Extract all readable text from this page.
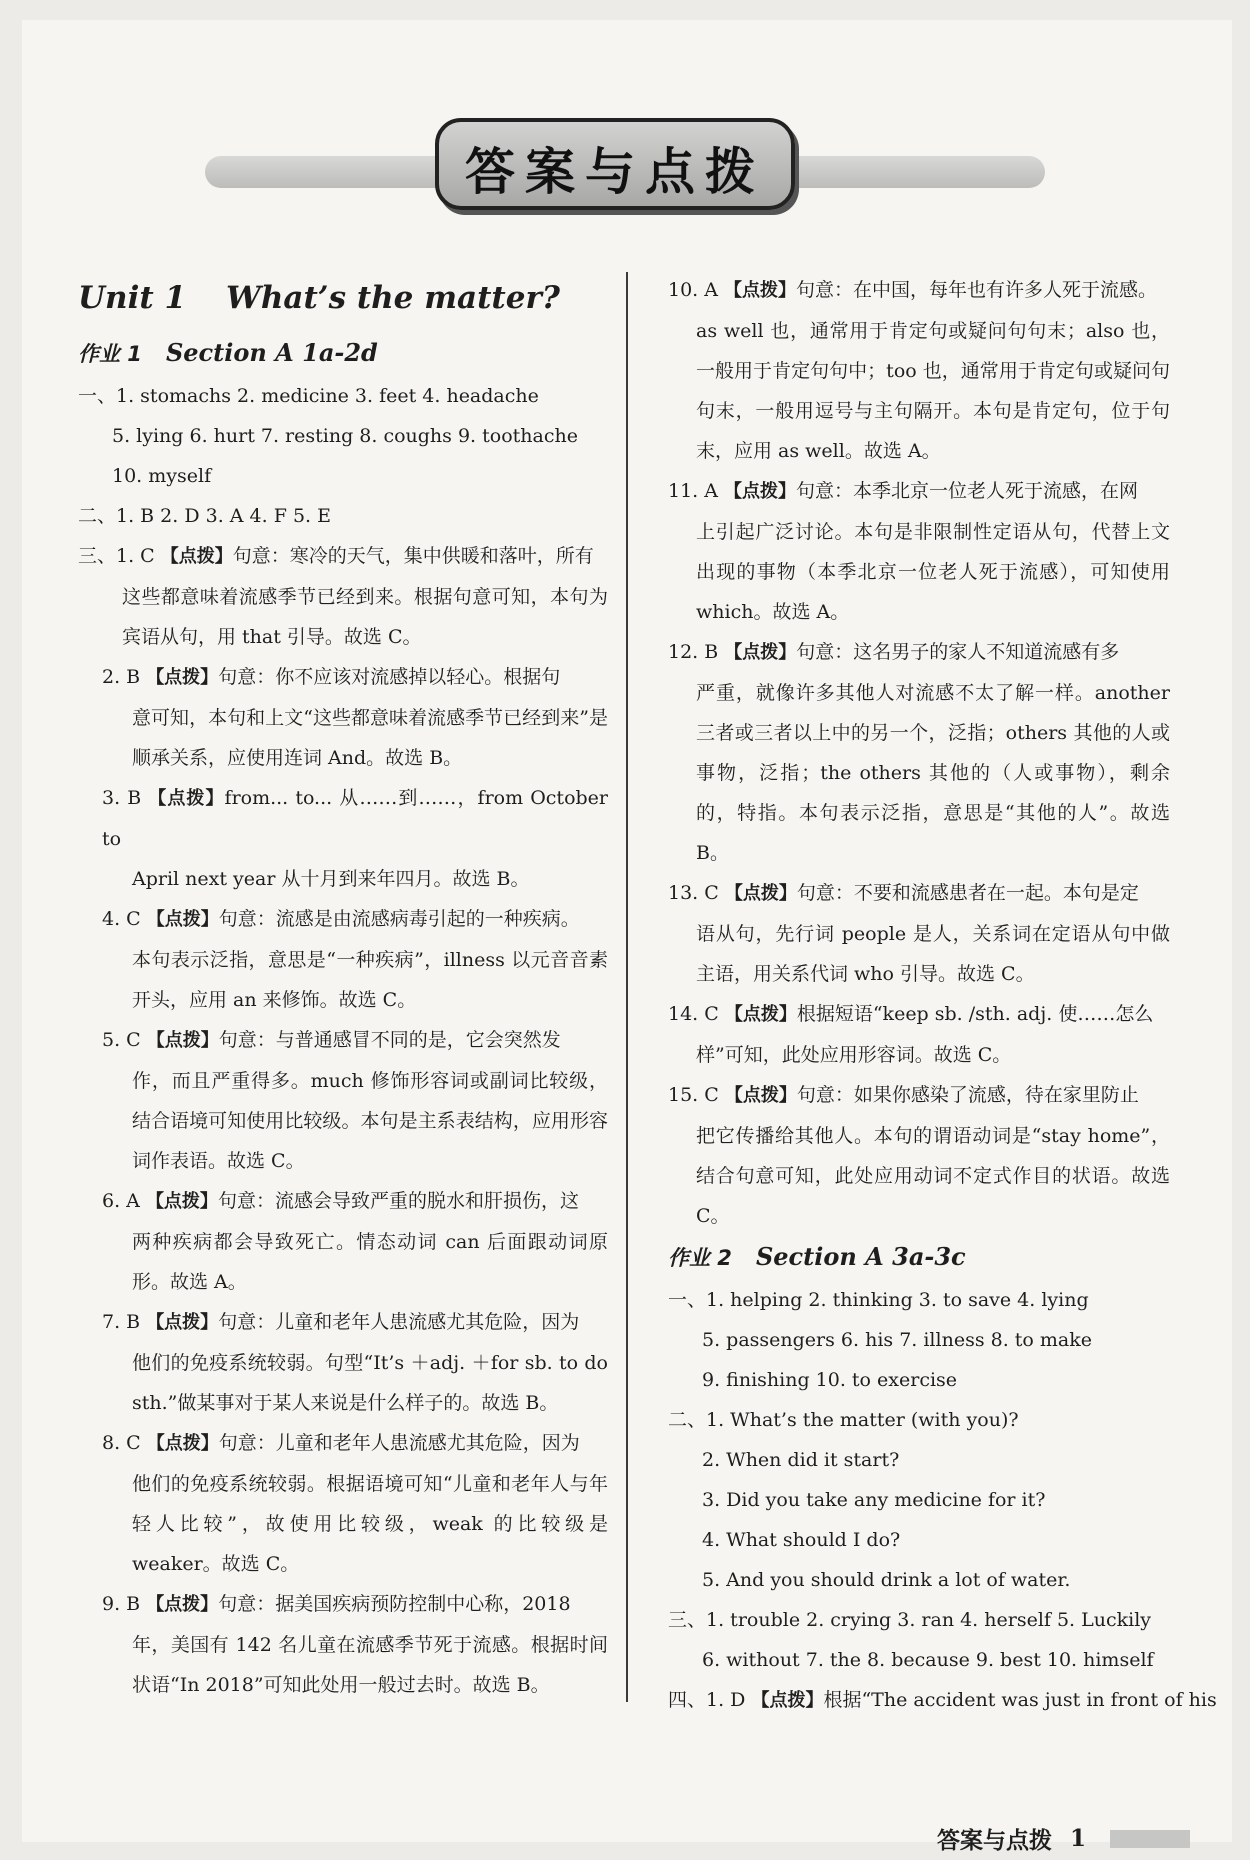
答案与点拨
Unit 1 What’s the matter?
作业 1 Section A 1a-2d
一、1. stomachs 2. medicine 3. feet 4. headache
5. lying 6. hurt 7. resting 8. coughs 9. toothache
10. myself
二、1. B 2. D 3. A 4. F 5. E
三、1. C 【点拨】句意：寒冷的天气，集中供暖和落叶，所有
这些都意味着流感季节已经到来。根据句意可知，本句为宾语从句，用 that 引导。故选 C。
2. B 【点拨】句意：你不应该对流感掉以轻心。根据句
意可知，本句和上文“这些都意味着流感季节已经到来”是顺承关系，应使用连词 And。故选 B。
3. B 【点拨】from... to... 从……到……，from October to
April next year 从十月到来年四月。故选 B。
4. C 【点拨】句意：流感是由流感病毒引起的一种疾病。
本句表示泛指，意思是“一种疾病”，illness 以元音音素开头，应用 an 来修饰。故选 C。
5. C 【点拨】句意：与普通感冒不同的是，它会突然发
作，而且严重得多。much 修饰形容词或副词比较级，结合语境可知使用比较级。本句是主系表结构，应用形容词作表语。故选 C。
6. A 【点拨】句意：流感会导致严重的脱水和肝损伤，这
两种疾病都会导致死亡。情态动词 can 后面跟动词原形。故选 A。
7. B 【点拨】句意：儿童和老年人患流感尤其危险，因为
他们的免疫系统较弱。句型“It’s ＋adj. ＋for sb. to do sth.”做某事对于某人来说是什么样子的。故选 B。
8. C 【点拨】句意：儿童和老年人患流感尤其危险，因为
他们的免疫系统较弱。根据语境可知“儿童和老年人与年轻人比较”，故使用比较级，weak 的比较级是 weaker。故选 C。
9. B 【点拨】句意：据美国疾病预防控制中心称，2018
年，美国有 142 名儿童在流感季节死于流感。根据时间状语“In 2018”可知此处用一般过去时。故选 B。
10. A 【点拨】句意：在中国，每年也有许多人死于流感。
as well 也，通常用于肯定句或疑问句句末；also 也，一般用于肯定句句中；too 也，通常用于肯定句或疑问句句末，一般用逗号与主句隔开。本句是肯定句，位于句末，应用 as well。故选 A。
11. A 【点拨】句意：本季北京一位老人死于流感，在网
上引起广泛讨论。本句是非限制性定语从句，代替上文出现的事物（本季北京一位老人死于流感），可知使用 which。故选 A。
12. B 【点拨】句意：这名男子的家人不知道流感有多
严重，就像许多其他人对流感不太了解一样。another 三者或三者以上中的另一个，泛指；others 其他的人或事物，泛指；the others 其他的（人或事物），剩余的，特指。本句表示泛指，意思是“其他的人”。故选 B。
13. C 【点拨】句意：不要和流感患者在一起。本句是定
语从句，先行词 people 是人，关系词在定语从句中做主语，用关系代词 who 引导。故选 C。
14. C 【点拨】根据短语“keep sb. /sth. adj. 使……怎么
样”可知，此处应用形容词。故选 C。
15. C 【点拨】句意：如果你感染了流感，待在家里防止
把它传播给其他人。本句的谓语动词是“stay home”，结合句意可知，此处应用动词不定式作目的状语。故选 C。
作业 2 Section A 3a-3c
一、1. helping 2. thinking 3. to save 4. lying
5. passengers 6. his 7. illness 8. to make
9. finishing 10. to exercise
二、1. What’s the matter (with you)?
2. When did it start?
3. Did you take any medicine for it?
4. What should I do?
5. And you should drink a lot of water.
三、1. trouble 2. crying 3. ran 4. herself 5. Luckily
6. without 7. the 8. because 9. best 10. himself
四、1. D 【点拨】根据“The accident was just in front of his
答案与点拨 1
